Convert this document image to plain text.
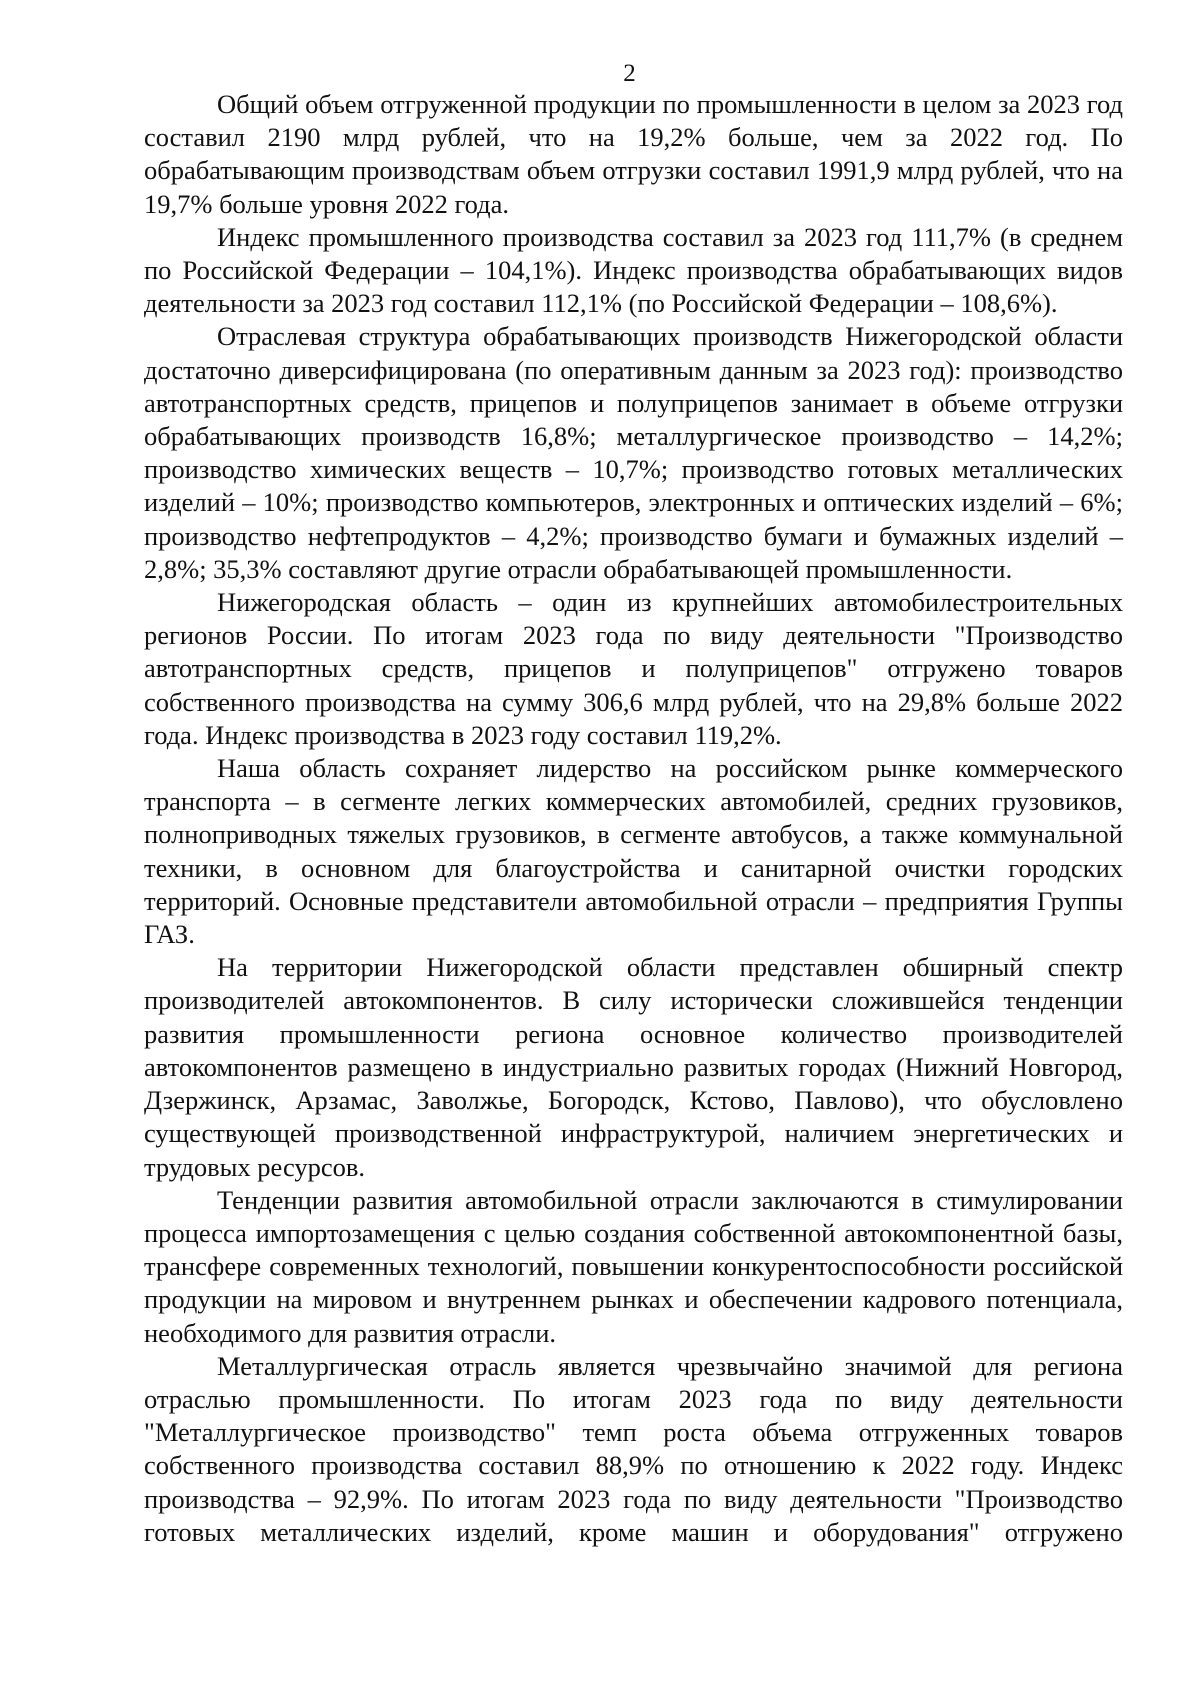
2

Общий объем отгруженной продукции по промышленности в целом за 2023 год составил 2190 млрд рублей, что на 19,2% больше, чем за 2022 год. По обрабатывающим производствам объем отгрузки составил 1991,9 млрд рублей, что на 19,7% больше уровня 2022 года.

Индекс промышленного производства составил за 2023 год 111,7% (в среднем по Российской Федерации – 104,1%). Индекс производства обрабатывающих видов деятельности за 2023 год составил 112,1% (по Российской Федерации – 108,6%).

Отраслевая структура обрабатывающих производств Нижегородской области достаточно диверсифицирована (по оперативным данным за 2023 год): производство автотранспортных средств, прицепов и полуприцепов занимает в объеме отгрузки обрабатывающих производств 16,8%; металлургическое производство – 14,2%; производство химических веществ – 10,7%; производство готовых металлических изделий – 10%; производство компьютеров, электронных и оптических изделий – 6%; производство нефтепродуктов – 4,2%; производство бумаги и бумажных изделий – 2,8%; 35,3% составляют другие отрасли обрабатывающей промышленности.

Нижегородская область – один из крупнейших автомобилестроительных регионов России. По итогам 2023 года по виду деятельности "Производство автотранспортных средств, прицепов и полуприцепов" отгружено товаров собственного производства на сумму 306,6 млрд рублей, что на 29,8% больше 2022 года. Индекс производства в 2023 году составил 119,2%.

Наша область сохраняет лидерство на российском рынке коммерческого транспорта – в сегменте легких коммерческих автомобилей, средних грузовиков, полноприводных тяжелых грузовиков, в сегменте автобусов, а также коммунальной техники, в основном для благоустройства и санитарной очистки городских территорий. Основные представители автомобильной отрасли – предприятия Группы ГАЗ.

На территории Нижегородской области представлен обширный спектр производителей автокомпонентов. В силу исторически сложившейся тенденции развития промышленности региона основное количество производителей автокомпонентов размещено в индустриально развитых городах (Нижний Новгород, Дзержинск, Арзамас, Заволжье, Богородск, Кстово, Павлово), что обусловлено существующей производственной инфраструктурой, наличием энергетических и трудовых ресурсов.

Тенденции развития автомобильной отрасли заключаются в стимулировании процесса импортозамещения с целью создания собственной автокомпонентной базы, трансфере современных технологий, повышении конкурентоспособности российской продукции на мировом и внутреннем рынках и обеспечении кадрового потенциала, необходимого для развития отрасли.

Металлургическая отрасль является чрезвычайно значимой для региона отраслью промышленности. По итогам 2023 года по виду деятельности "Металлургическое производство" темп роста объема отгруженных товаров собственного производства составил 88,9% по отношению к 2022 году. Индекс производства – 92,9%. По итогам 2023 года по виду деятельности "Производство готовых металлических изделий, кроме машин и оборудования" отгружено
